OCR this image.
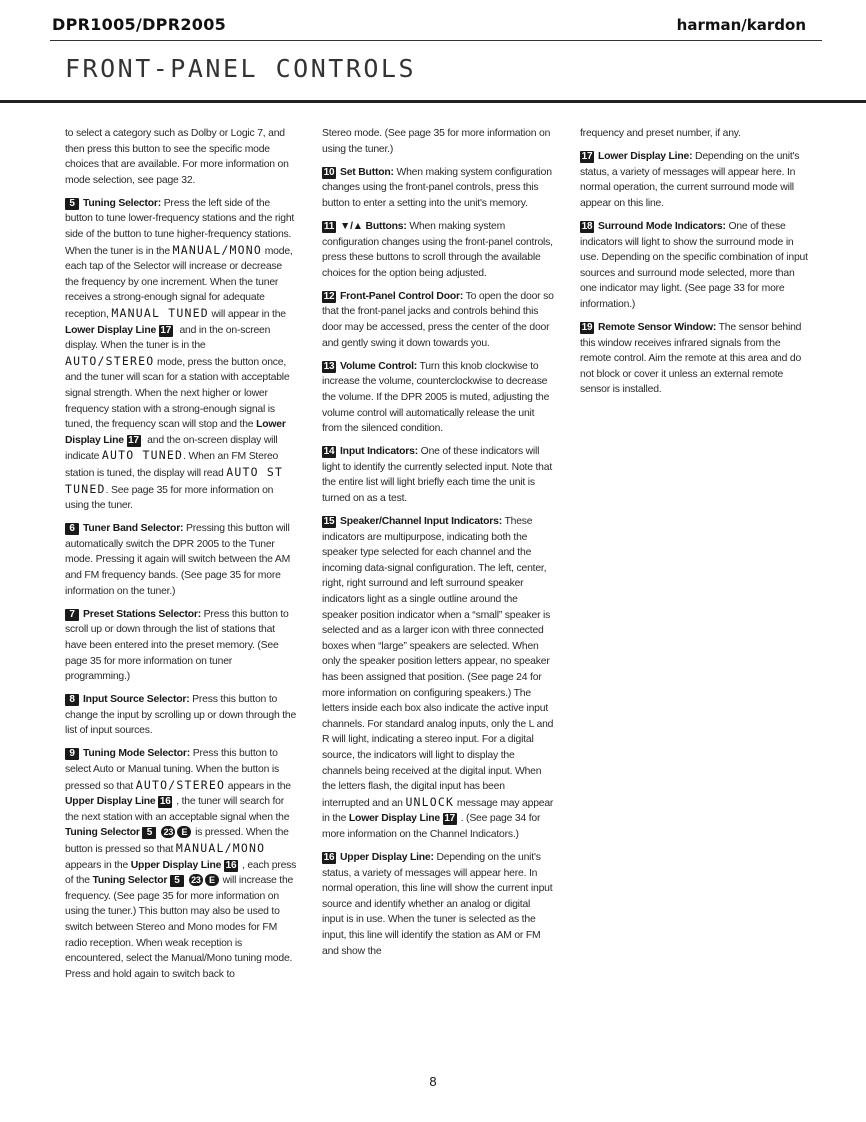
DPR1005/DPR2005	harman/kardon
FRONT-PANEL CONTROLS

to select a category such as Dolby or Logic 7, and then press this button to see the specific mode choices that are available. For more information on mode selection, see page 32.

5 Tuning Selector: Press the left side of the button to tune lower-frequency stations and the right side of the button to tune higher-frequency stations. When the tuner is in the MANUAL/MONO mode, each tap of the Selector will increase or decrease the frequency by one increment. When the tuner receives a strong-enough signal for adequate reception, MANUAL TUNED will appear in the Lower Display Line 17 and in the on-screen display. When the tuner is in the AUTO/STEREO mode, press the button once, and the tuner will scan for a station with acceptable signal strength. When the next higher or lower frequency station with a strong-enough signal is tuned, the frequency scan will stop and the Lower Display Line 17 and the on-screen display will indicate AUTO TUNED. When an FM Stereo station is tuned, the display will read AUTO ST TUNED. See page 35 for more information on using the tuner.

6 Tuner Band Selector: Pressing this button will automatically switch the DPR 2005 to the Tuner mode. Pressing it again will switch between the AM and FM frequency bands. (See page 35 for more information on the tuner.)

7 Preset Stations Selector: Press this button to scroll up or down through the list of stations that have been entered into the preset memory. (See page 35 for more information on tuner programming.)

8 Input Source Selector: Press this button to change the input by scrolling up or down through the list of input sources.

9 Tuning Mode Selector: Press this button to select Auto or Manual tuning. When the button is pressed so that AUTO/STEREO appears in the Upper Display Line 16 , the tuner will search for the next station with an acceptable signal when the Tuning Selector 5 23 E is pressed. When the button is pressed so that MANUAL/MONO appears in the Upper Display Line 16 , each press of the Tuning Selector 5 23 E will increase the frequency. (See page 35 for more information on using the tuner.) This button may also be used to switch between Stereo and Mono modes for FM radio reception. When weak reception is encountered, select the Manual/Mono tuning mode. Press and hold again to switch back to

Stereo mode. (See page 35 for more information on using the tuner.)

10 Set Button: When making system configuration changes using the front-panel controls, press this button to enter a setting into the unit's memory.

11 ▼/▲ Buttons: When making system configuration changes using the front-panel controls, press these buttons to scroll through the available choices for the option being adjusted.

12 Front-Panel Control Door: To open the door so that the front-panel jacks and controls behind this door may be accessed, press the center of the door and gently swing it down towards you.

13 Volume Control: Turn this knob clockwise to increase the volume, counterclockwise to decrease the volume. If the DPR 2005 is muted, adjusting the volume control will automatically release the unit from the silenced condition.

14 Input Indicators: One of these indicators will light to identify the currently selected input. Note that the entire list will light briefly each time the unit is turned on as a test.

15 Speaker/Channel Input Indicators: These indicators are multipurpose, indicating both the speaker type selected for each channel and the incoming data-signal configuration. The left, center, right, right surround and left surround speaker indicators light as a single outline around the speaker position indicator when a “small” speaker is selected and as a larger icon with three connected boxes when “large” speakers are selected. When only the speaker position letters appear, no speaker has been assigned that position. (See page 24 for more information on configuring speakers.) The letters inside each box also indicate the active input channels. For standard analog inputs, only the L and R will light, indicating a stereo input. For a digital source, the indicators will light to display the channels being received at the digital input. When the letters flash, the digital input has been interrupted and an UNLOCK message may appear in the Lower Display Line 17 . (See page 34 for more information on the Channel Indicators.)

16 Upper Display Line: Depending on the unit's status, a variety of messages will appear here. In normal operation, this line will show the current input source and identify whether an analog or digital input is in use. When the tuner is selected as the input, this line will identify the station as AM or FM and show the

frequency and preset number, if any.

17 Lower Display Line: Depending on the unit's status, a variety of messages will appear here. In normal operation, the current surround mode will appear on this line.

18 Surround Mode Indicators: One of these indicators will light to show the surround mode in use. Depending on the specific combination of input sources and surround mode selected, more than one indicator may light. (See page 33 for more information.)

19 Remote Sensor Window: The sensor behind this window receives infrared signals from the remote control. Aim the remote at this area and do not block or cover it unless an external remote sensor is installed.

8
